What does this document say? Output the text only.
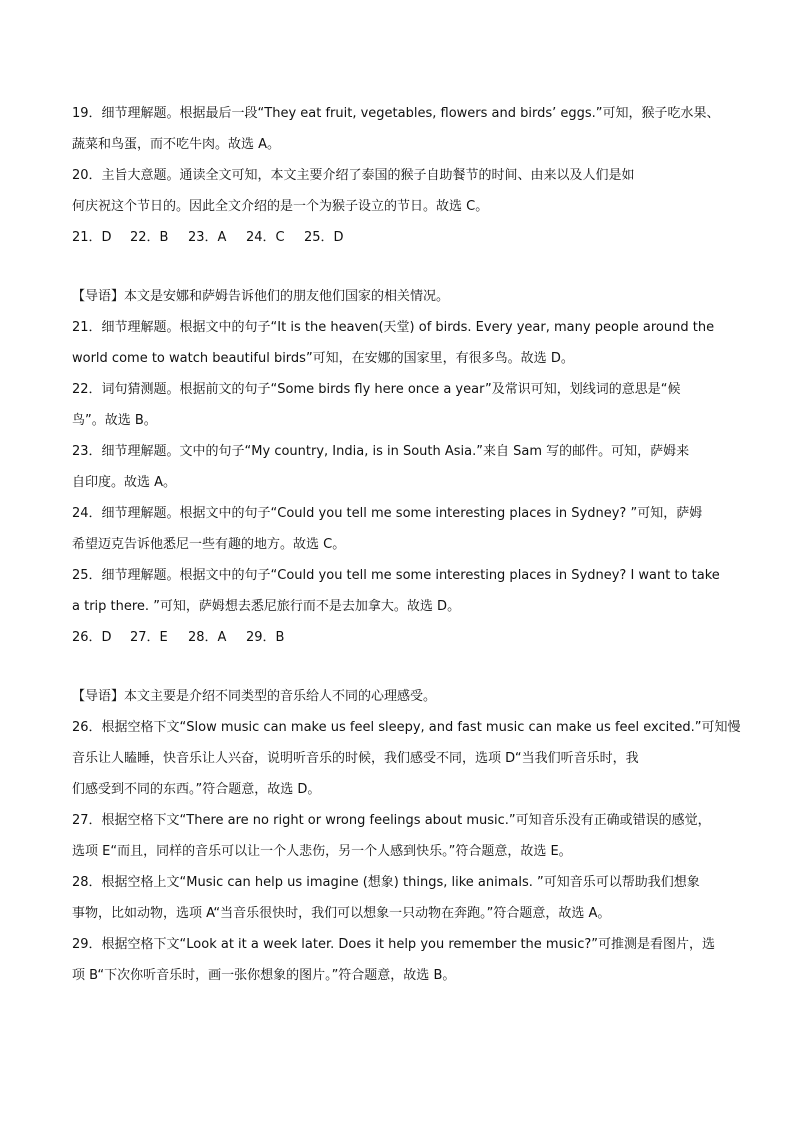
19．细节理解题。根据最后一段“They eat fruit, vegetables, flowers and birds’ eggs.”可知，猴子吃水果、

蔬菜和鸟蛋，而不吃牛肉。故选 A。

20．主旨大意题。通读全文可知，本文主要介绍了泰国的猴子自助餐节的时间、由来以及人们是如

何庆祝这个节日的。因此全文介绍的是一个为猴子设立的节日。故选 C。

21．D	22．B	23．A	24．C	25．D

【导语】本文是安娜和萨姆告诉他们的朋友他们国家的相关情况。

21．细节理解题。根据文中的句子“It is the heaven(天堂) of birds. Every year, many people around the

world come to watch beautiful birds”可知，在安娜的国家里，有很多鸟。故选 D。

22．词句猜测题。根据前文的句子“Some birds fly here once a year”及常识可知，划线词的意思是“候

鸟”。故选 B。

23．细节理解题。文中的句子“My country, India, is in South Asia.”来自 Sam 写的邮件。可知，萨姆来

自印度。故选 A。

24．细节理解题。根据文中的句子“Could you tell me some interesting places in Sydney? ”可知，萨姆

希望迈克告诉他悉尼一些有趣的地方。故选 C。

25．细节理解题。根据文中的句子“Could you tell me some interesting places in Sydney? I want to take

a trip there. ”可知，萨姆想去悉尼旅行而不是去加拿大。故选 D。

26．D	27．E	28．A	29．B

【导语】本文主要是介绍不同类型的音乐给人不同的心理感受。

26．根据空格下文“Slow music can make us feel sleepy, and fast music can make us feel excited.”可知慢

音乐让人瞌睡，快音乐让人兴奋，说明听音乐的时候，我们感受不同，选项 D“当我们听音乐时，我

们感受到不同的东西。”符合题意，故选 D。

27．根据空格下文“There are no right or wrong feelings about music.”可知音乐没有正确或错误的感觉，

选项 E“而且，同样的音乐可以让一个人悲伤，另一个人感到快乐。”符合题意，故选 E。

28．根据空格上文“Music can help us imagine (想象) things, like animals. ”可知音乐可以帮助我们想象

事物，比如动物，选项 A“当音乐很快时，我们可以想象一只动物在奔跑。”符合题意，故选 A。

29．根据空格下文“Look at it a week later. Does it help you remember the music?”可推测是看图片，选

项 B“下次你听音乐时，画一张你想象的图片。”符合题意，故选 B。
